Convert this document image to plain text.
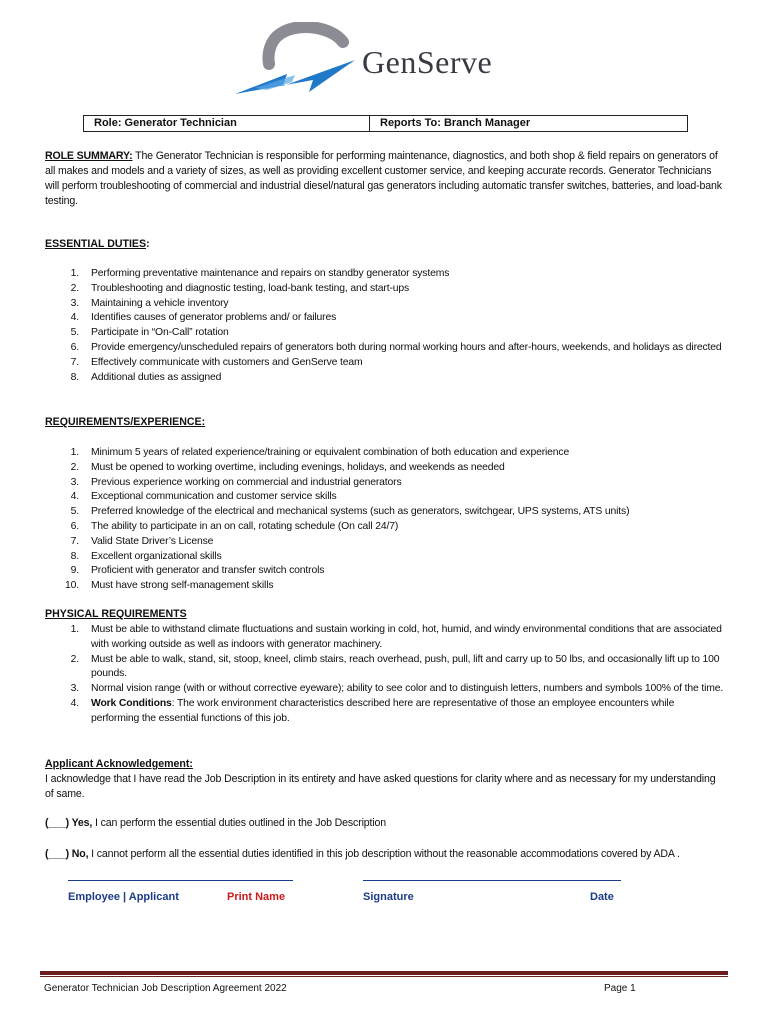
GenServe
Role: Generator Technician	Reports To: Branch Manager
ROLE SUMMARY: The Generator Technician is responsible for performing maintenance, diagnostics, and both shop & field repairs on generators of all makes and models and a variety of sizes, as well as providing excellent customer service, and keeping accurate records. Generator Technicians will perform troubleshooting of commercial and industrial diesel/natural gas generators including automatic transfer switches, batteries, and load-bank testing.
ESSENTIAL DUTIES:
1. Performing preventative maintenance and repairs on standby generator systems
2. Troubleshooting and diagnostic testing, load-bank testing, and start-ups
3. Maintaining a vehicle inventory
4. Identifies causes of generator problems and/ or failures
5. Participate in “On-Call” rotation
6. Provide emergency/unscheduled repairs of generators both during normal working hours and after-hours, weekends, and holidays as directed
7. Effectively communicate with customers and GenServe team
8. Additional duties as assigned
REQUIREMENTS/EXPERIENCE:
1. Minimum 5 years of related experience/training or equivalent combination of both education and experience
2. Must be opened to working overtime, including evenings, holidays, and weekends as needed
3. Previous experience working on commercial and industrial generators
4. Exceptional communication and customer service skills
5. Preferred knowledge of the electrical and mechanical systems (such as generators, switchgear, UPS systems, ATS units)
6. The ability to participate in an on call, rotating schedule (On call 24/7)
7. Valid State Driver’s License
8. Excellent organizational skills
9. Proficient with generator and transfer switch controls
10. Must have strong self-management skills
PHYSICAL REQUIREMENTS
1. Must be able to withstand climate fluctuations and sustain working in cold, hot, humid, and windy environmental conditions that are associated with working outside as well as indoors with generator machinery.
2. Must be able to walk, stand, sit, stoop, kneel, climb stairs, reach overhead, push, pull, lift and carry up to 50 lbs, and occasionally lift up to 100 pounds.
3. Normal vision range (with or without corrective eyeware); ability to see color and to distinguish letters, numbers and symbols 100% of the time.
4. Work Conditions: The work environment characteristics described here are representative of those an employee encounters while performing the essential functions of this job.
Applicant Acknowledgement:
I acknowledge that I have read the Job Description in its entirety and have asked questions for clarity where and as necessary for my understanding of same.
(___) Yes, I can perform the essential duties outlined in the Job Description
(___) No, I cannot perform all the essential duties identified in this job description without the reasonable accommodations covered by ADA .
Employee | Applicant	Print Name	Signature	Date
Generator Technician Job Description Agreement 2022	Page 1
